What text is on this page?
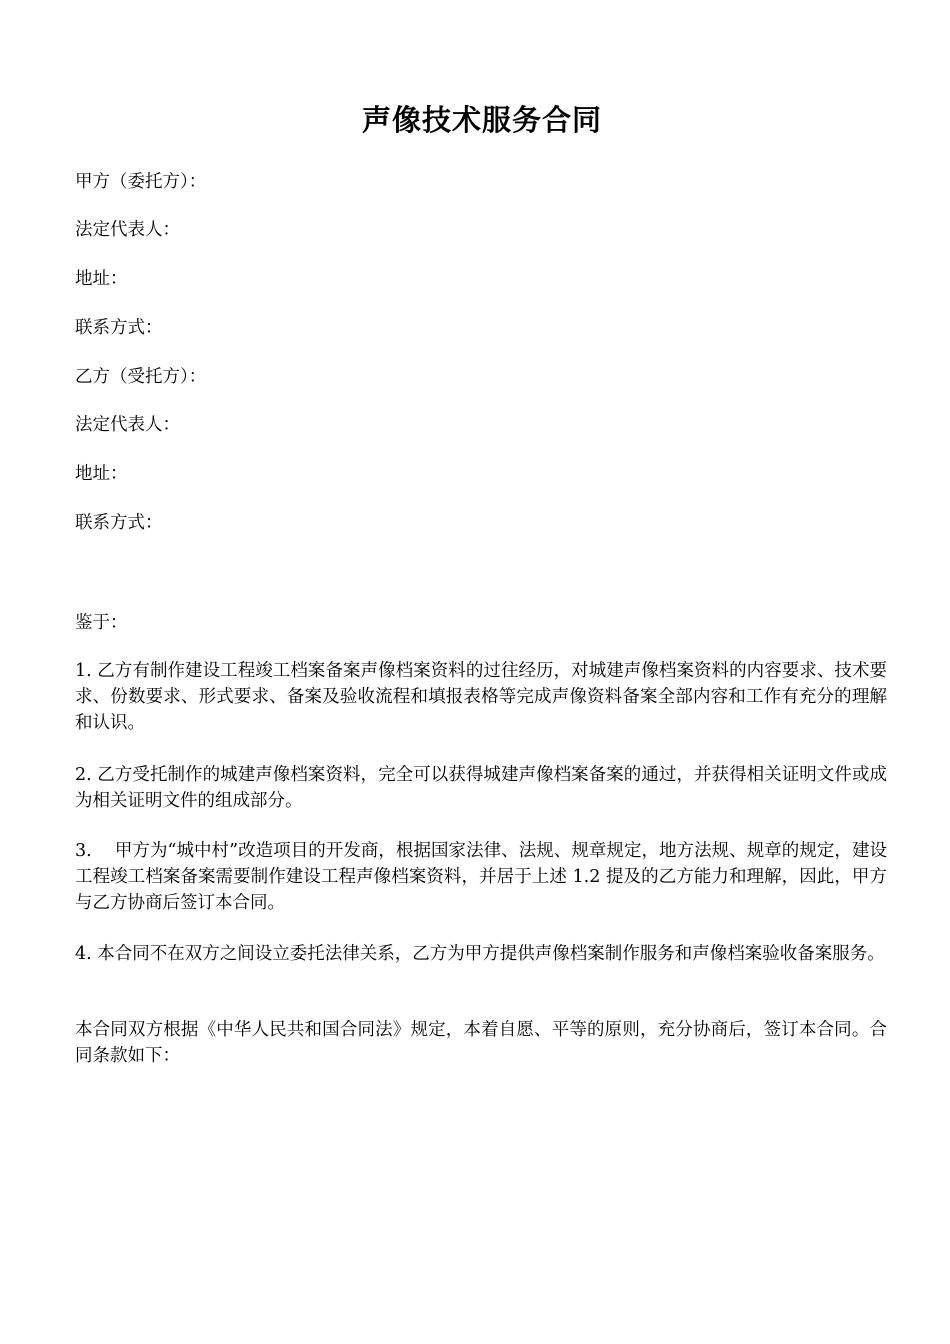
声像技术服务合同
甲方（委托方）：
法定代表人：
地址：
联系方式：
乙方（受托方）：
法定代表人：
地址：
联系方式：
鉴于：
1. 乙方有制作建设工程竣工档案备案声像档案资料的过往经历，对城建声像档案资料的内容要求、技术要求、份数要求、形式要求、备案及验收流程和填报表格等完成声像资料备案全部内容和工作有充分的理解和认识。
2. 乙方受托制作的城建声像档案资料，完全可以获得城建声像档案备案的通过，并获得相关证明文件或成为相关证明文件的组成部分。
3.　 甲方为“城中村”改造项目的开发商，根据国家法律、法规、规章规定，地方法规、规章的规定，建设工程竣工档案备案需要制作建设工程声像档案资料，并居于上述 1.2 提及的乙方能力和理解，因此，甲方与乙方协商后签订本合同。
4. 本合同不在双方之间设立委托法律关系，乙方为甲方提供声像档案制作服务和声像档案验收备案服务。
本合同双方根据《中华人民共和国合同法》规定，本着自愿、平等的原则，充分协商后，签订本合同。合同条款如下：
